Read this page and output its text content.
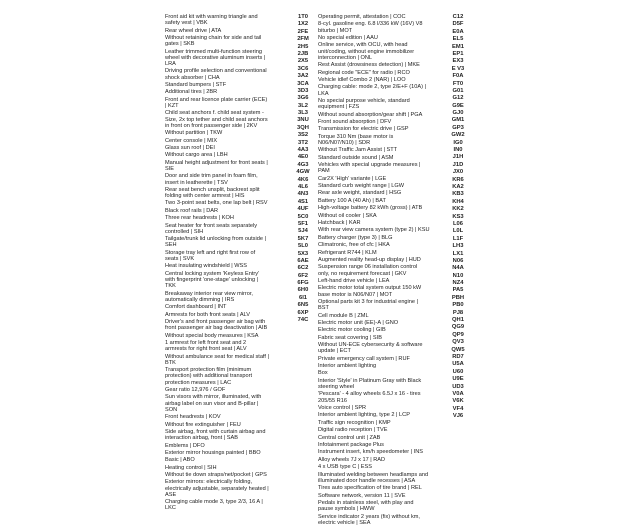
Front aid kit with warning triangle and safety vest | VBK
Rear wheel drive | ATA
Without retaining chain for side and tail gates | SKB
Leather trimmed multi-function steering wheel with decorative aluminum inserts | LRA
Driving profile selection and conventional shock absorber | CHA
Standard bumpers | STF
Additional tires | 2BR
Front and rear licence plate carrier (ECE) | KZT
Child seat anchors f. child seat system - Size, 2x top tether and child seat anchors in front on front passenger side | 2KV
Without partition | TKW
Center console | MIX
Glass sun roof | DEI
Without cargo area | LBH
Manual height adjustment for front seats | SIE
Door and side trim panel in foam film, insert in leatherette | TSV
Rear seat bench unsplit, backrest split folding with center armrest | HIS
Two 3-point seat belts, one lap belt | RSV
Black roof rails | DAR
Three rear headrests | KOH
Seat heater for front seats separately controlled | SIH
Tailgate/trunk lid unlocking from outside | SEH
Storage tray left and right first row of seats | SVK
Heat insulating windshield | WSS
Central locking system 'Keyless Entry' with fingerprint 'one-stage' unlocking | TKK
Breakaway interior rear view mirror, automatically dimming | IRS
Comfort dashboard | INT
Armrests for both front seats | ALV
Driver's and front passenger air bag with front passenger air bag deactivation | AIB
Without special body measures | KSA
1 armrest for left front seat and 2 armrests for right front seat | ALV
Without ambulance seat for medical staff | BTK
Transport protection film (minimum protection) with additional transport protection measures | LAC
Gear ratio 12,976 / GOF
Sun visors with mirror, illuminated, with airbag label on sun visor and B-pillar | SON
Front headrests | KOV
Without fire extinguisher | FEU
Side airbag, front with curtain airbag and interaction airbag, front | SAB
Emblems | DFO
Exterior mirror housings painted | BBO
Basic | ABO
Heating control | SIH
Without tie down straps/net/pocket | GPS
Exterior mirrors: electrically folding, electrically adjustable, separately heated | ASE
Charging cable mode 3, type 2/3, 16 A | LKC
1T0
1X2
2FE
2FM
2H5
2JB
2X5
3C6
3A2
3CA
3D3
3G6
3L2
3L3
3NU
3QH
3S2
3T2
4A3
4E0
4G3
4GW
4K6
4L6
4N3
4S1
4UF
5C0
5F1
5J4
5K7
5L0
5X3
6AE
6C2
6F2
6FG
6H0
6I1
6N5
6XP
74C
Operating permit, attestation | COC
8-cyl. gasoline eng. 6.8 l/336 kW (16V) V8 biturbo | MOT
No special edition | AAU
Online service, with OCU, with head unit/coding, without engine immobilizer interconnection | ONL
Rest Assist (drowsiness detection) | MKE
Regional code "ECE" for radio | RCO
Vehicle idlef Combo 2 (NAR) | LOO
Charging cable: mode 2, type 2/E+F (10A) | LKA
No special purpose vehicle, standard equipment | FZS
Without sound absorption/gear shift | PGA
Front sound absorption | DFV
Transmission for electric drive | GSP
Torque 310 Nm (base motor is N06/N07/N10) | SDR
Without Traffic Jam Assist | STT
Standard outside sound | ASM
Vehicles with special upgrade measures | PAM
Car2X 'High' variante | LGE
Standard curb weight range | LGW
Rear axle weight, standard | HSG
Battery 100 A (40 Ah) | BAT
High-voltage battery 82 kWh (gross) | ATB
Without oil cooler | SKA
Hatchback | KAR
With rear view camera system (type 2) | KSU
Battery charger (type 3) | BLG
Climatronic, free of cfc | HKA
Refrigerant R744 | KLM
Augmented reality head-up display | HUD
Suspension range 06 installation control only, no requirement forecast | GKV
Left-hand drive vehicle | LEA
Electric motor total system output 150 kW base motor is N06/N07 | MOT
Optional parts kit 3 for industrial engine | BST
Cell module B | ZML
Electric motor unit (EE)-A | GNO
Electric motor cooling | GIB
Fabric seat covering | SIB
Without UN-ECE cybersecurity & software update | ECT
Private emergency call system | RUF
Interior ambient lighting
Box
Interior 'Style' in Platinum Gray with Black steering wheel
'Pescara' - 4 alloy wheels 6.5J x 16 - tires 205/55 R16
Voice control | SPR
Interior ambient lighting, type 2 | LCP
Traffic sign recognition | KMP
Digital radio reception | TVE
Central control unit | ZAB
Infotainment package Plus
Instrument insert, km/h speedometer | INS
Alloy wheels 7J x 17 | RAD
4 x USB type C | ESS
Illuminated welding between headlamps and illuminated door handle recesses | ASA
Tires auto specification of tire brand | REL
Software network, version 11 | SVE
Pedals in stainless steel, with play and pause symbols | HWW
Service indicator 2 years (fix) without km, electric vehicle | SEA
C12
D5F
E0A
EL5
EM1
EP1
EX3
E V3
F0A
FT0
G01
G12
G9E
GJ0
GM1
GP3
GW2
IG0
IN0
J1H
J1D
JX0
KR6
KA2
KB3
KH4
KK2
KS3
L06
L0L
L1F
LH3
LX1
N06
N4A
N10
NZ4
PA5
PBH
PB0
PJ8
QH1
QG9
QP9
QV3
QW5
RD7
U5A
U60
U9E
UD3
V0A
V6K
VF4
VJ6
